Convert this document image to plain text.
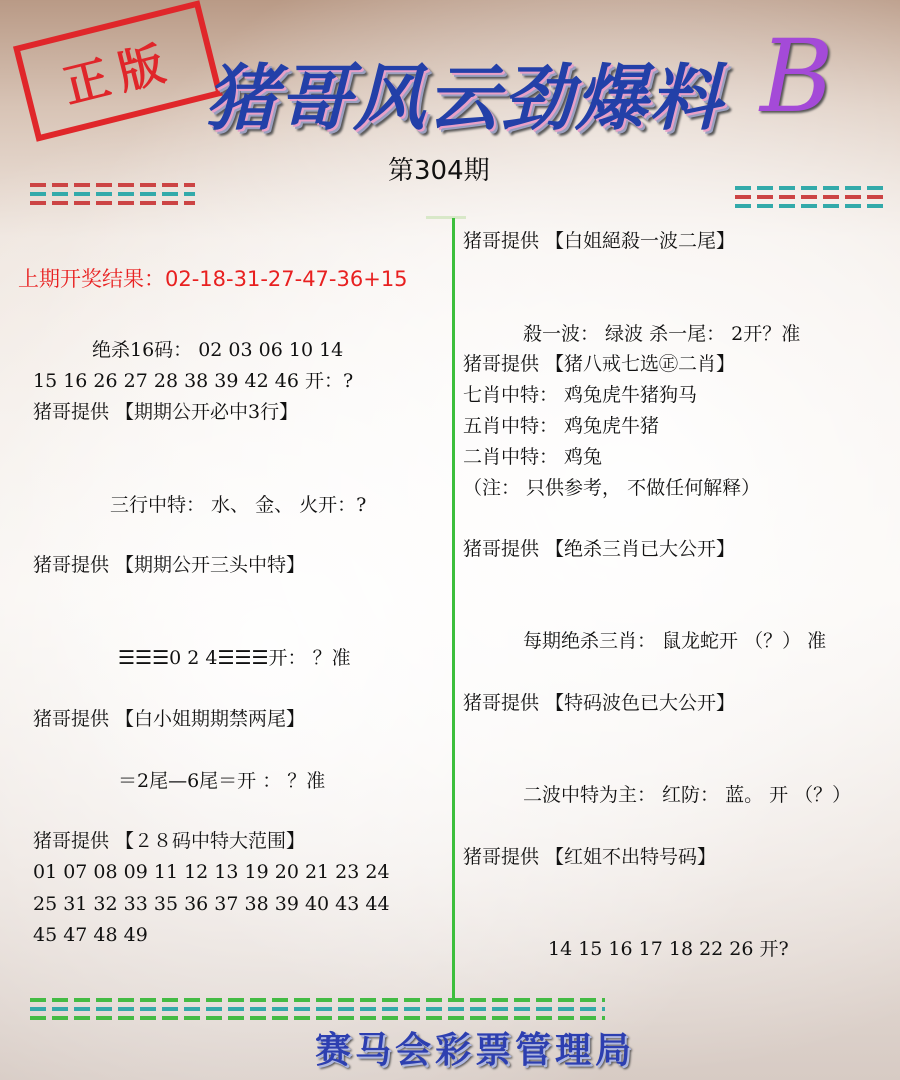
正版 猪哥风云劲爆料 B
第304期
上期开奖结果：02-18-31-27-47-36+15
绝杀16码： 02 03 06 10 14
15 16 26 27 28 38 39 42 46 开：?
猪哥提供 【期期公开必中3行】
三行中特： 水、 金、 火开：?
猪哥提供 【期期公开三头中特】
☰☰☰0 2 4☰☰☰开： ？准
猪哥提供 【白小姐期期禁两尾】
＝2尾—6尾＝开 ： ？准
猪哥提供 【２８码中特大范围】
01 07 08 09 11 12 13 19 20 21 23 24
25 31 32 33 35 36 37 38 39 40 43 44
45 47 48 49
猪哥提供 【白姐絕殺一波二尾】
殺一波： 绿波 杀一尾： 2开？准
猪哥提供 【猪八戒七选㊣二肖】
七肖中特： 鸡兔虎牛猪狗马
五肖中特： 鸡兔虎牛猪
二肖中特： 鸡兔
（注： 只供参考， 不做任何解释）
猪哥提供 【绝杀三肖已大公开】
每期绝杀三肖： 鼠龙蛇开 （？） 准
猪哥提供 【特码波色已大公开】
二波中特为主： 红防： 蓝。 开 （？）
猪哥提供 【红姐不出特号码】
14 15 16 17 18 22 26 开?
赛马会彩票管理局
